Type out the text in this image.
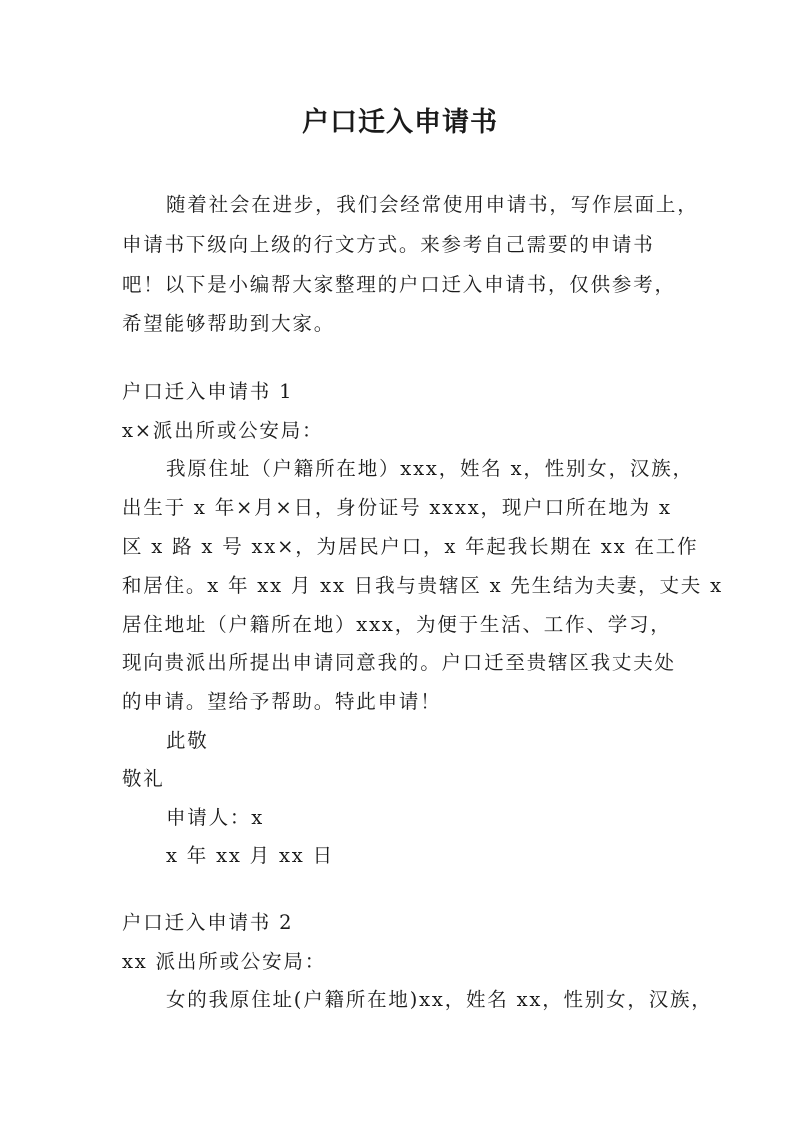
户口迁入申请书
随着社会在进步，我们会经常使用申请书，写作层面上，
申请书下级向上级的行文方式。来参考自己需要的申请书
吧！以下是小编帮大家整理的户口迁入申请书，仅供参考，
希望能够帮助到大家。
户口迁入申请书 1
x×派出所或公安局：
我原住址（户籍所在地）xxx，姓名 x，性别女，汉族，
出生于 x 年×月×日，身份证号 xxxx，现户口所在地为 x
区 x 路 x 号 xx×，为居民户口，x 年起我长期在 xx 在工作
和居住。x 年 xx 月 xx 日我与贵辖区 x 先生结为夫妻，丈夫 x
居住地址（户籍所在地）xxx，为便于生活、工作、学习，
现向贵派出所提出申请同意我的。户口迁至贵辖区我丈夫处
的申请。望给予帮助。特此申请！
此敬
敬礼
申请人：x
x 年 xx 月 xx 日
户口迁入申请书 2
xx 派出所或公安局：
女的我原住址(户籍所在地)xx，姓名 xx，性别女，汉族，
